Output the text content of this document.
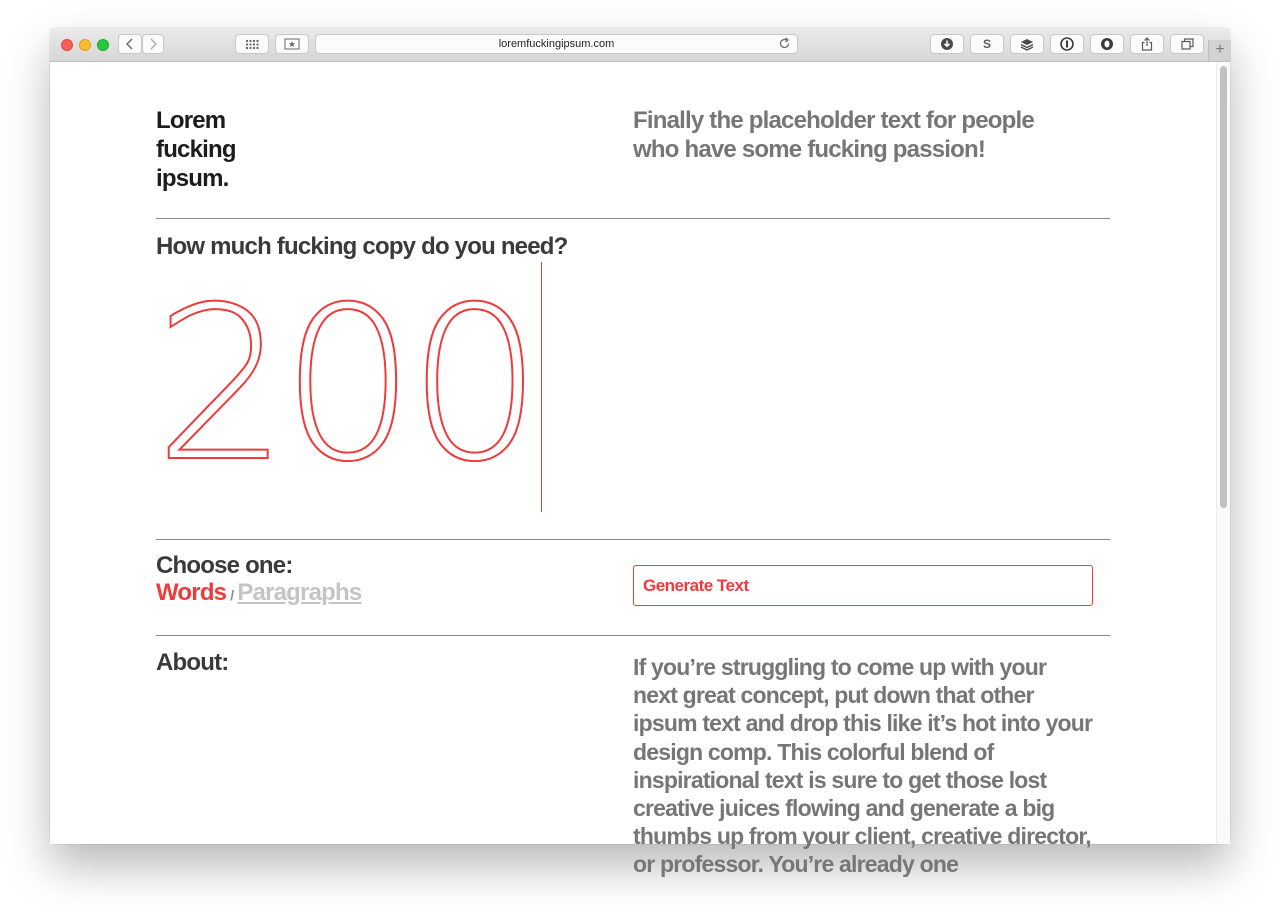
loremfuckingipsum.com	S	+
Lorem
fucking
ipsum.
Finally the placeholder text for people who have some fucking passion!
How much fucking copy do you need?
200
Choose one:
Words / Paragraphs	Generate Text
About:	If you’re struggling to come up with your next great concept, put down that other ipsum text and drop this like it’s hot into your design comp. This colorful blend of inspirational text is sure to get those lost creative juices flowing and generate a big thumbs up from your client, creative director, or professor. You’re already one
